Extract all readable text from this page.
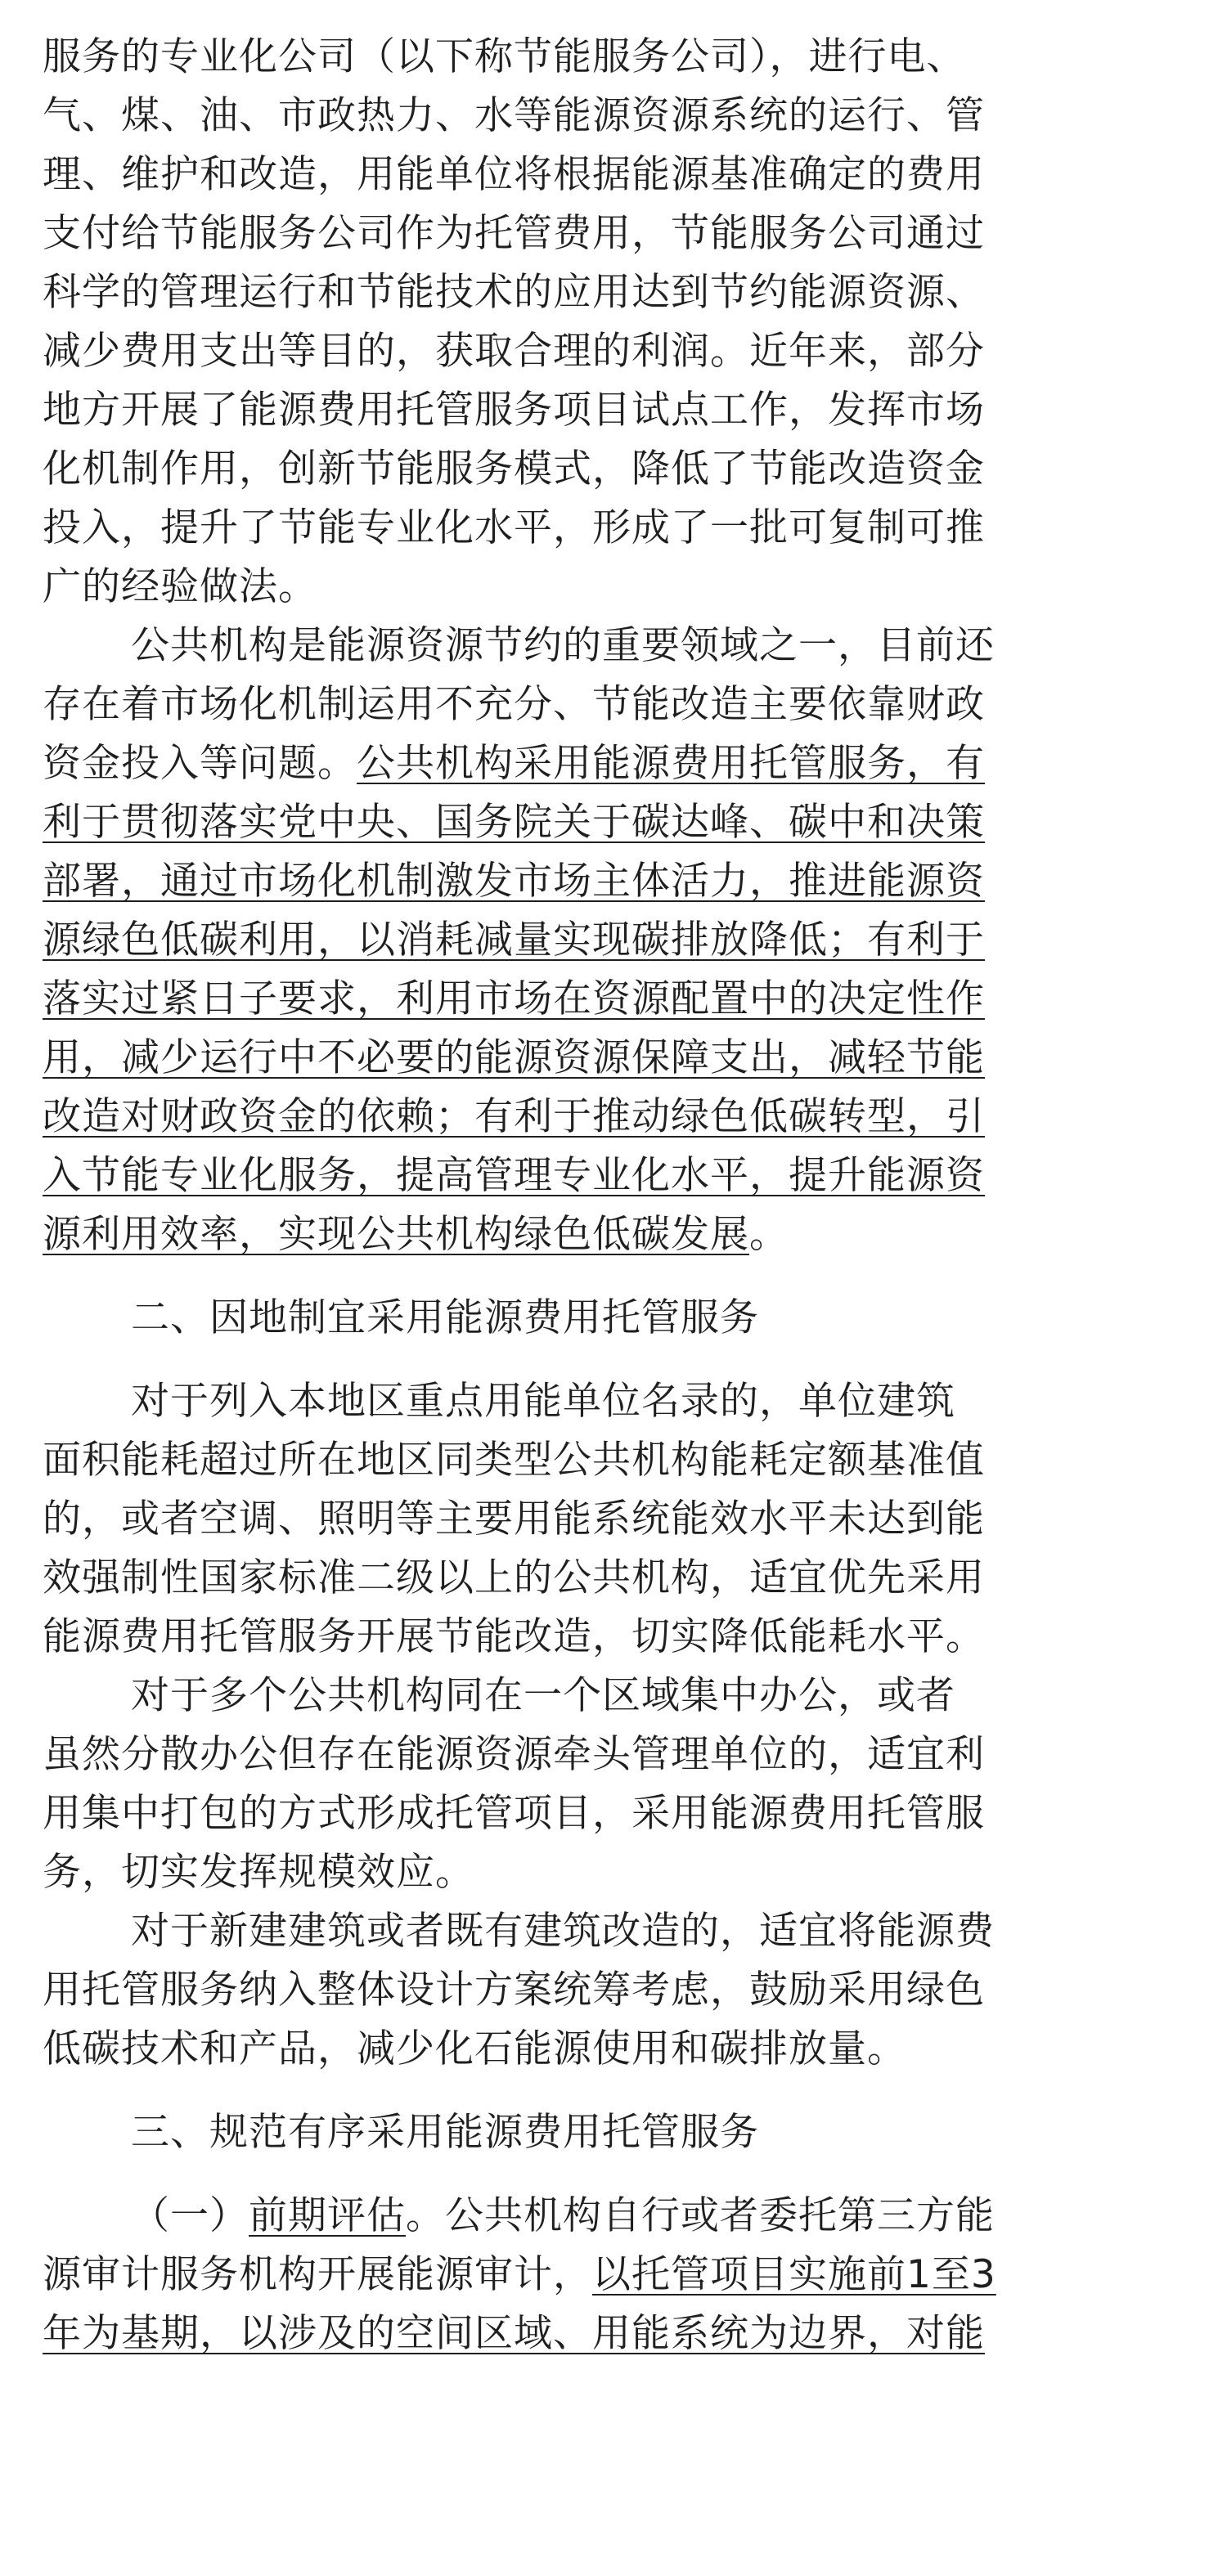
服务的专业化公司（以下称节能服务公司），进行电、
气、煤、油、市政热力、水等能源资源系统的运行、管
理、维护和改造，用能单位将根据能源基准确定的费用
支付给节能服务公司作为托管费用，节能服务公司通过
科学的管理运行和节能技术的应用达到节约能源资源、
减少费用支出等目的，获取合理的利润。近年来，部分
地方开展了能源费用托管服务项目试点工作，发挥市场
化机制作用，创新节能服务模式，降低了节能改造资金
投入，提升了节能专业化水平，形成了一批可复制可推
广的经验做法。
公共机构是能源资源节约的重要领域之一，目前还
存在着市场化机制运用不充分、节能改造主要依靠财政
资金投入等问题。公共机构采用能源费用托管服务，有
利于贯彻落实党中央、国务院关于碳达峰、碳中和决策
部署，通过市场化机制激发市场主体活力，推进能源资
源绿色低碳利用，以消耗减量实现碳排放降低；有利于
落实过紧日子要求，利用市场在资源配置中的决定性作
用，减少运行中不必要的能源资源保障支出，减轻节能
改造对财政资金的依赖；有利于推动绿色低碳转型，引
入节能专业化服务，提高管理专业化水平，提升能源资
源利用效率，实现公共机构绿色低碳发展。
二、因地制宜采用能源费用托管服务
对于列入本地区重点用能单位名录的，单位建筑
面积能耗超过所在地区同类型公共机构能耗定额基准值
的，或者空调、照明等主要用能系统能效水平未达到能
效强制性国家标准二级以上的公共机构，适宜优先采用
能源费用托管服务开展节能改造，切实降低能耗水平。
对于多个公共机构同在一个区域集中办公，或者
虽然分散办公但存在能源资源牵头管理单位的，适宜利
用集中打包的方式形成托管项目，采用能源费用托管服
务，切实发挥规模效应。
对于新建建筑或者既有建筑改造的，适宜将能源费
用托管服务纳入整体设计方案统筹考虑，鼓励采用绿色
低碳技术和产品，减少化石能源使用和碳排放量。
三、规范有序采用能源费用托管服务
（一）前期评估。公共机构自行或者委托第三方能
源审计服务机构开展能源审计，以托管项目实施前1至3
年为基期，以涉及的空间区域、用能系统为边界，对能
